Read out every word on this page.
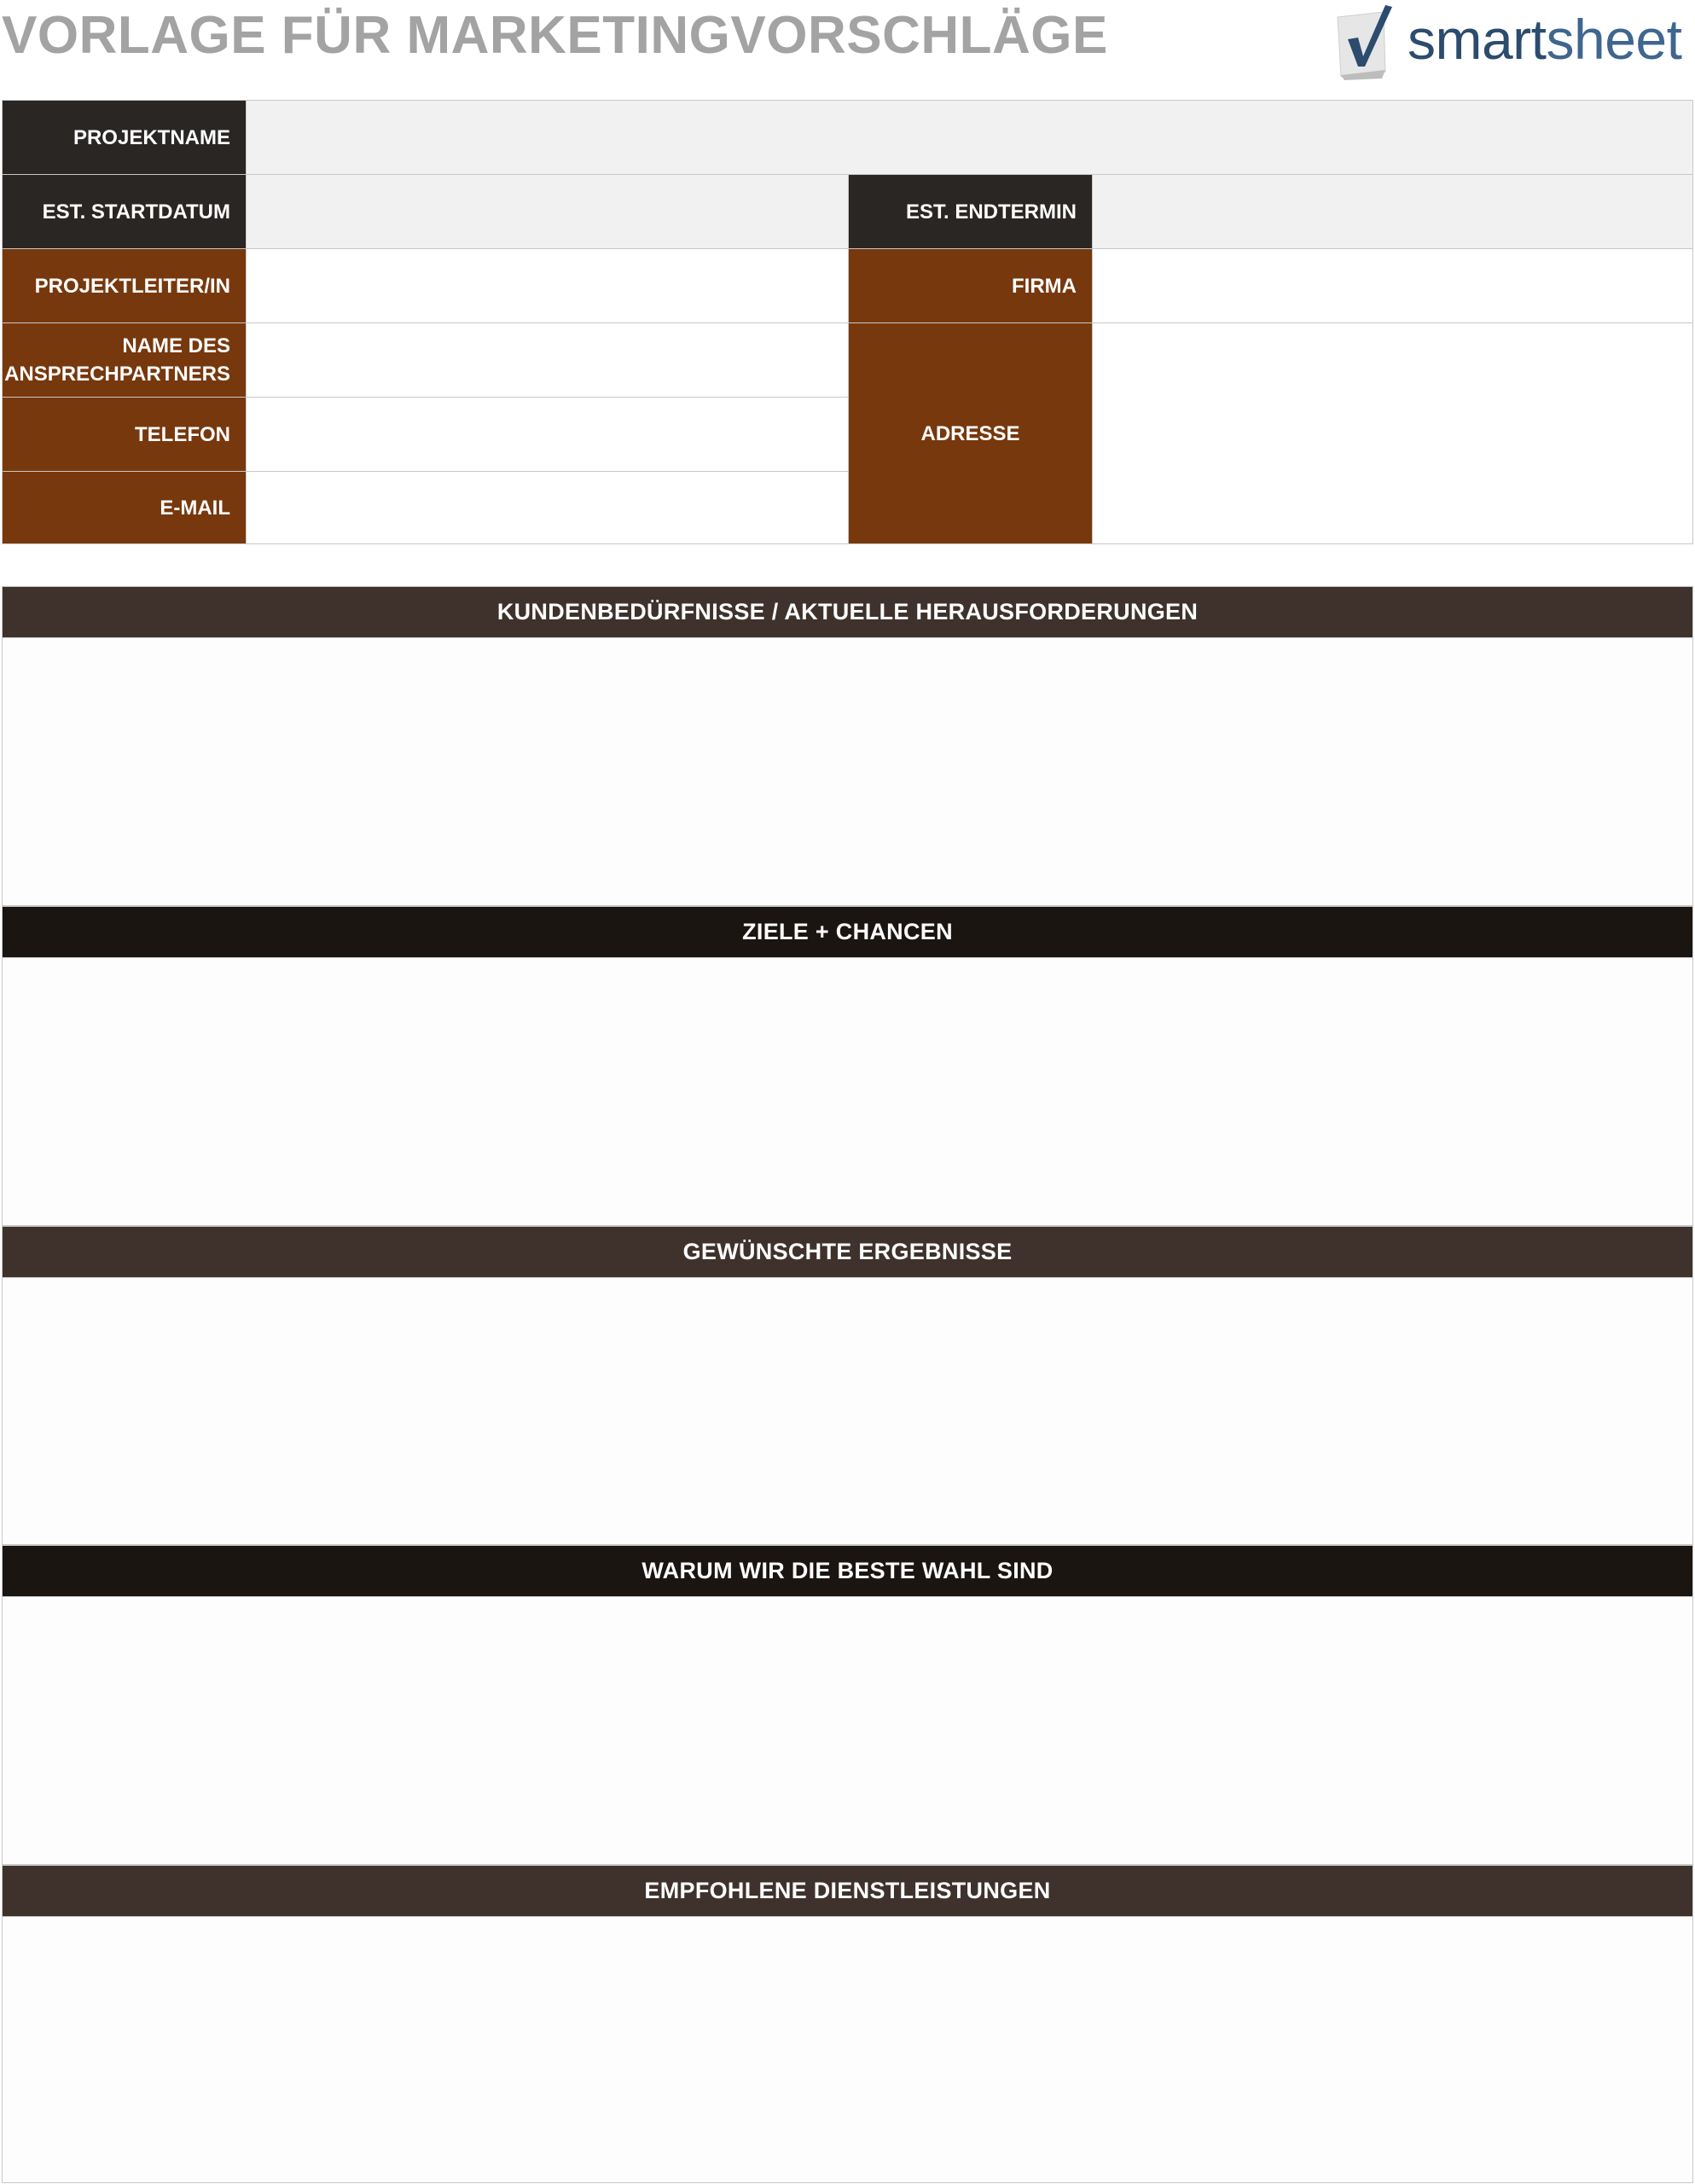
VORLAGE FÜR MARKETINGVORSCHLÄGE	smartsheet
PROJEKTNAME
EST. STARTDATUM	EST. ENDTERMIN
PROJEKTLEITER/IN	FIRMA
NAME DES ANSPRECHPARTNERS
TELEFON
E-MAIL
ADRESSE
KUNDENBEDÜRFNISSE / AKTUELLE HERAUSFORDERUNGEN
ZIELE + CHANCEN
GEWÜNSCHTE ERGEBNISSE
WARUM WIR DIE BESTE WAHL SIND
EMPFOHLENE DIENSTLEISTUNGEN
